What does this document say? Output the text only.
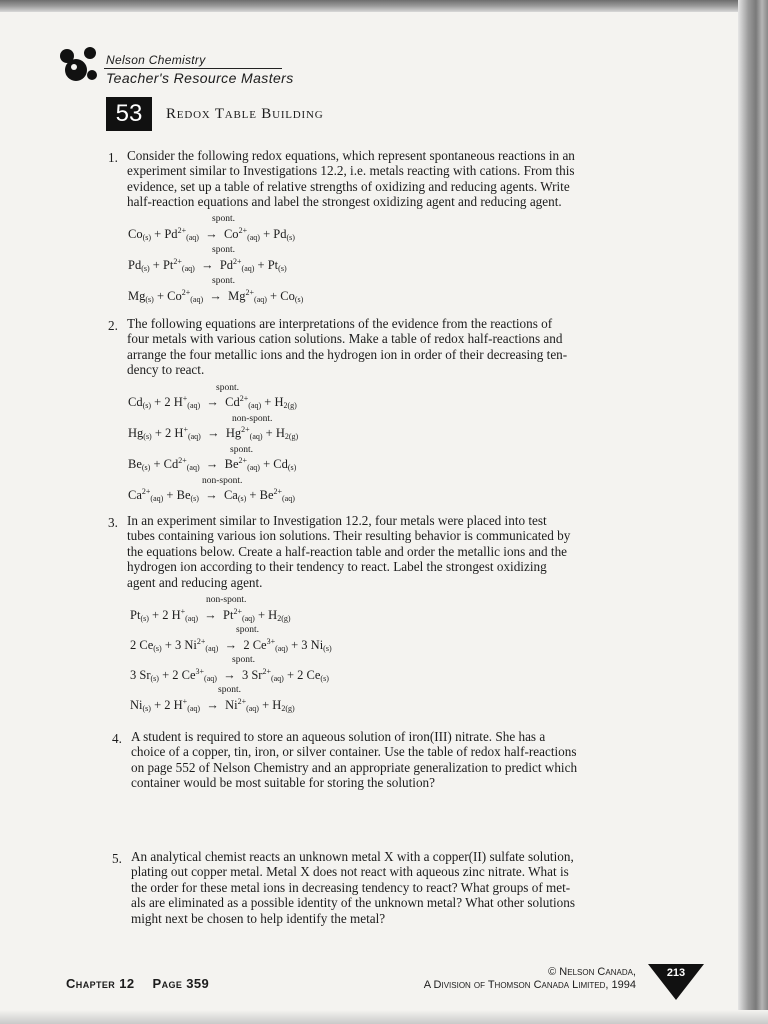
Nelson Chemistry
Teacher's Resource Masters
53	Redox Table Building
1. Consider the following redox equations, which represent spontaneous reactions in an
experiment similar to Investigations 12.2, i.e. metals reacting with cations. From this
evidence, set up a table of relative strengths of oxidizing and reducing agents. Write
half-reaction equations and label the strongest oxidizing agent and reducing agent.
spont.
$Co_{(s)} + Pd^{2+}_{(aq)} \to Co^{2+}_{(aq)} + Pd_{(s)}$
spont.
$Pd_{(s)} + Pt^{2+}_{(aq)} \to Pd^{2+}_{(aq)} + Pt_{(s)}$
spont.
$Mg_{(s)} + Co^{2+}_{(aq)} \to Mg^{2+}_{(aq)} + Co_{(s)}$
2. The following equations are interpretations of the evidence from the reactions of
four metals with various cation solutions. Make a table of redox half-reactions and
arrange the four metallic ions and the hydrogen ion in order of their decreasing ten-
dency to react.
spont.
$Cd_{(s)} + 2$ $H^+_{(aq)} \to Cd^{2+}_{(aq)} + H_{2(g)}$
non-spont.
$Hg_{(s)} + 2$ $H^+_{(aq)} \to Hg^{2+}_{(aq)} + H_{2(g)}$
spont.
$Be_{(s)} + Cd^{2+}_{(aq)} \to Be^{2+}_{(aq)} + Cd_{(s)}$
non-spont.
$Ca^{2+}_{(aq)} + Be_{(s)} \to Ca_{(s)} + Be^{2+}_{(aq)}$
3. In an experiment similar to Investigation 12.2, four metals were placed into test
tubes containing various ion solutions. Their resulting behavior is communicated by
the equations below. Create a half-reaction table and order the metallic ions and the
hydrogen ion according to their tendency to react. Label the strongest oxidizing
agent and reducing agent.
non-spont.
$Pt_{(s)} + 2$ $H^+_{(aq)} \to Pt^{2+}_{(aq)} + H_{2(g)}$
spont.
2 $Ce_{(s)} + 3$ $Ni^{2+}_{(aq)} \to 2$ $Ce^{3+}_{(aq)} + 3$ $Ni_{(s)}$
spont.
3 $Sr_{(s)} + 2$ $Ce^{3+}_{(aq)} \to 3$ $Sr^{2+}_{(aq)} + 2$ $Ce_{(s)}$
spont.
$Ni_{(s)} + 2$ $H^+_{(aq)} \to Ni^{2+}_{(aq)} + H_{2(g)}$
4. A student is required to store an aqueous solution of iron(III) nitrate. She has a
choice of a copper, tin, iron, or silver container. Use the table of redox half-reactions
on page 552 of Nelson Chemistry and an appropriate generalization to predict which
container would be most suitable for storing the solution?
5. An analytical chemist reacts an unknown metal X with a copper(II) sulfate solution,
plating out copper metal. Metal X does not react with aqueous zinc nitrate. What is
the order for these metal ions in decreasing tendency to react? What groups of met-
als are eliminated as a possible identity of the unknown metal? What other solutions
might next be chosen to help identify the metal?
Chapter 12 Page 359
© Nelson Canada,
A Division of Thomson Canada Limited, 1994
213
